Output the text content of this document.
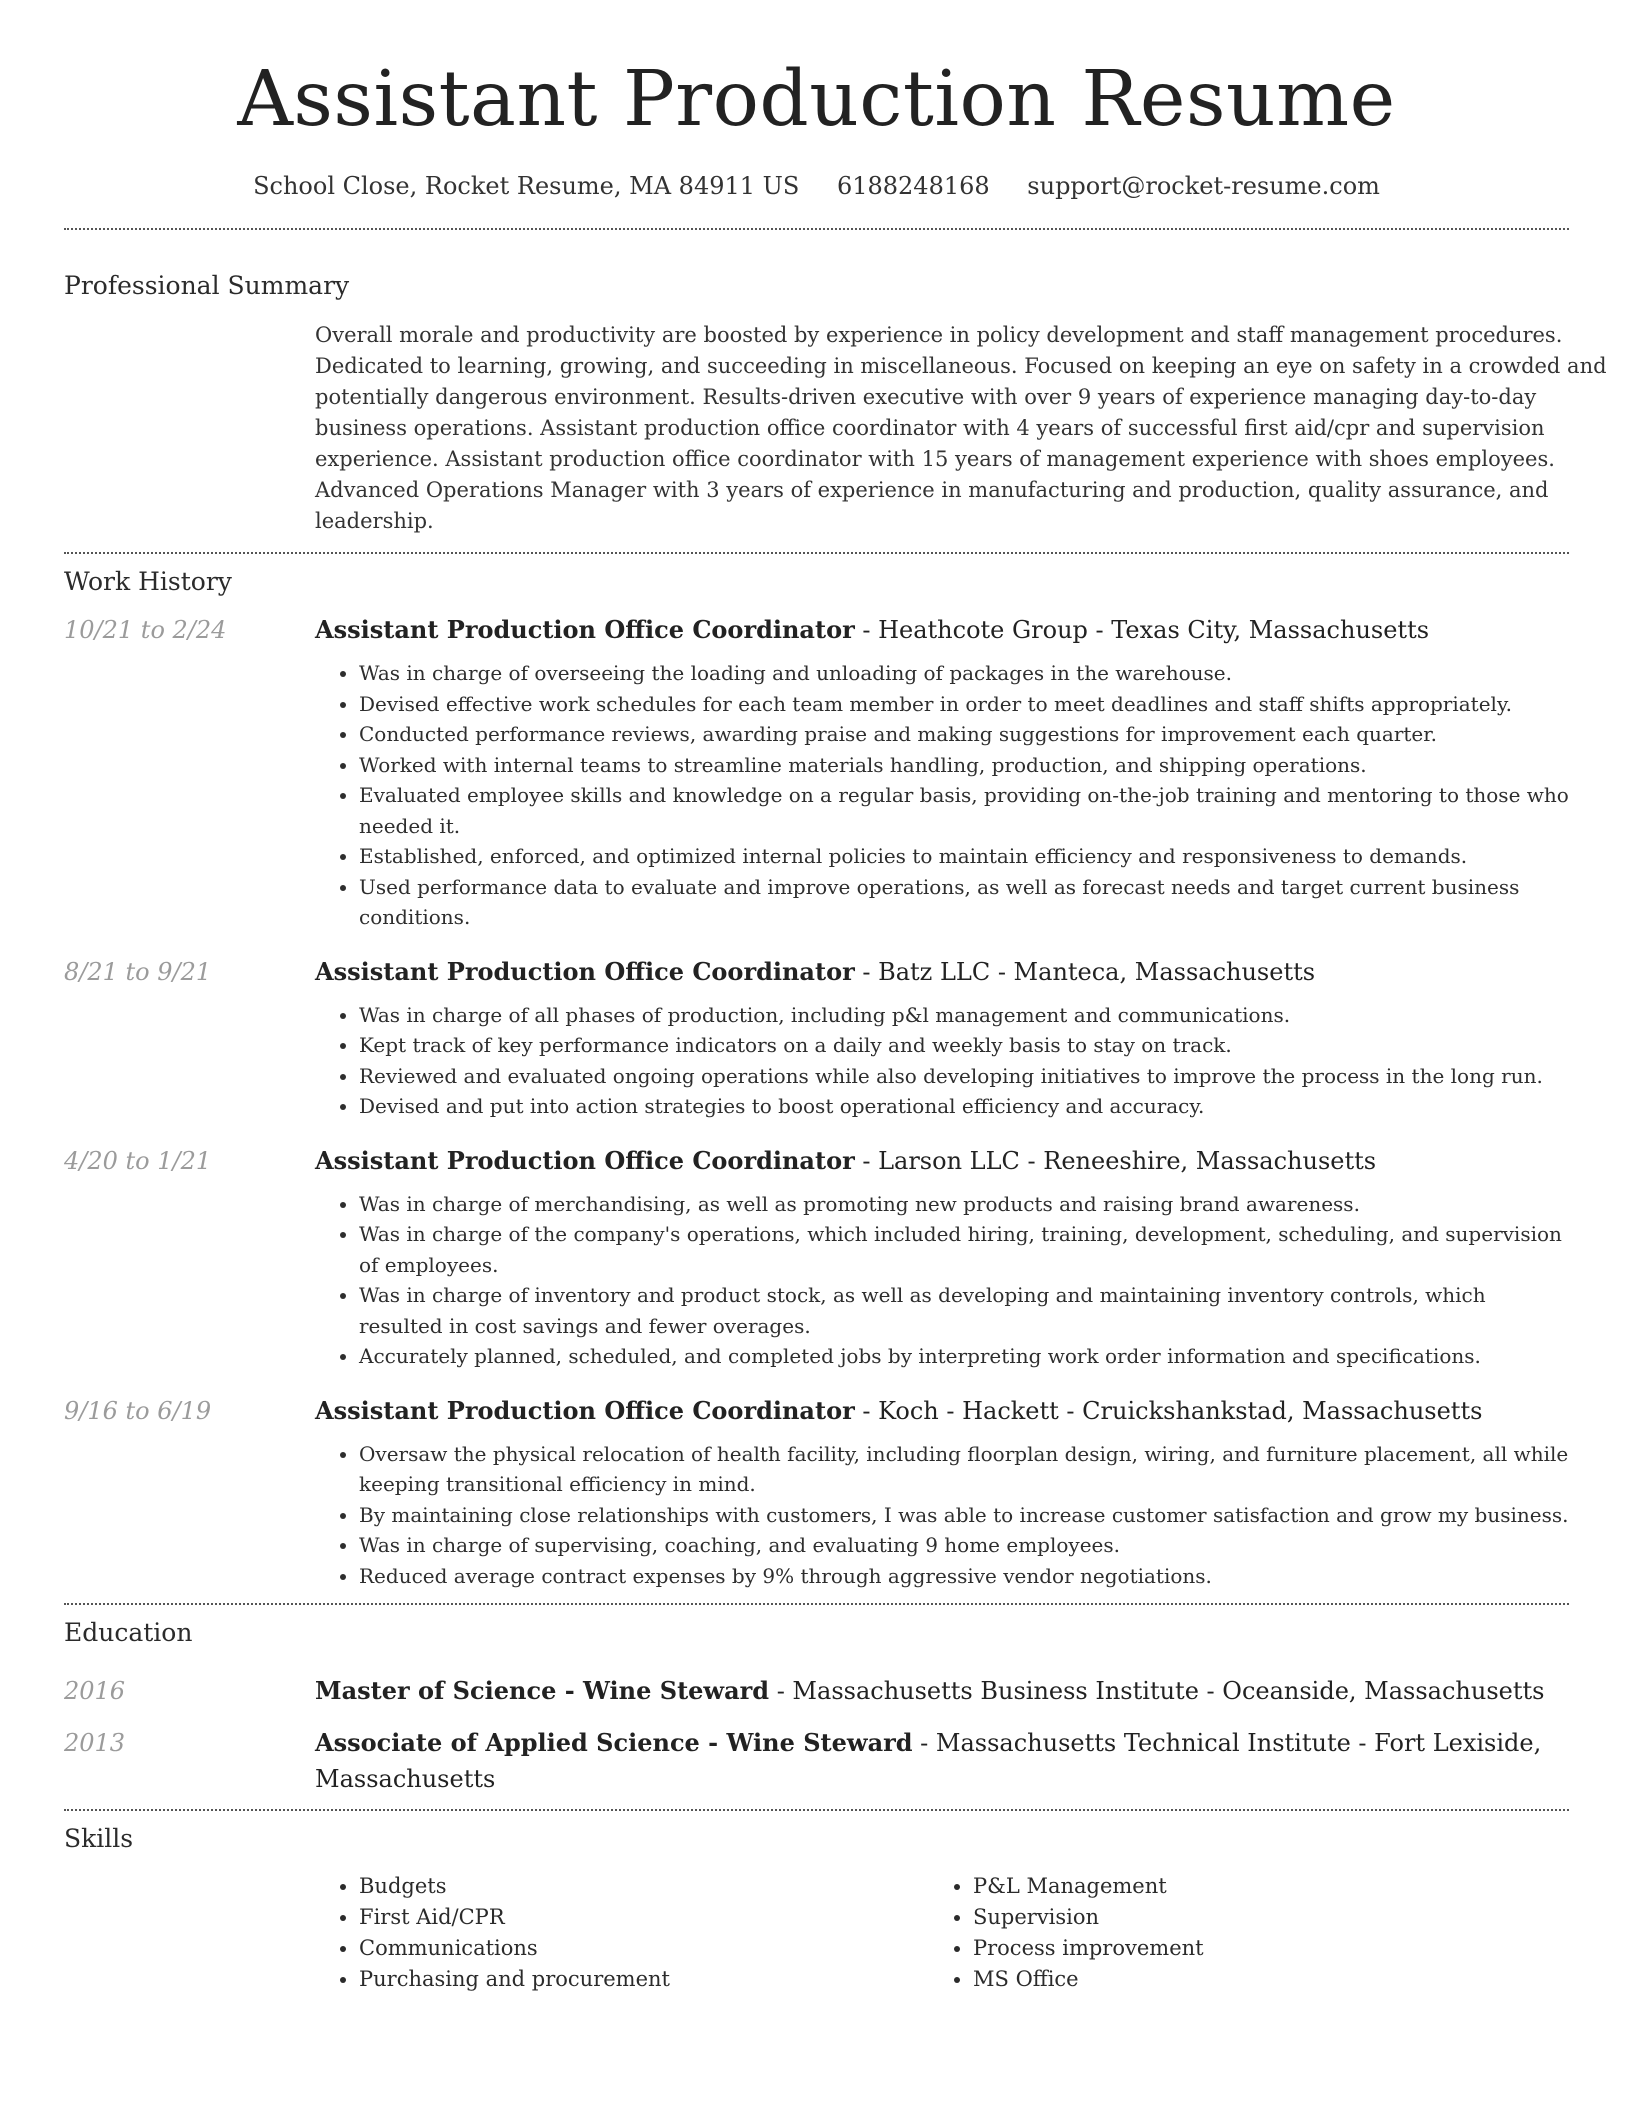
Assistant Production Resume
School Close, Rocket Resume, MA 84911 US 6188248168 support@rocket-resume.com
Professional Summary

Overall morale and productivity are boosted by experience in policy development and staff management procedures. Dedicated to learning, growing, and succeeding in miscellaneous. Focused on keeping an eye on safety in a crowded and potentially dangerous environment. Results-driven executive with over 9 years of experience managing day-to-day business operations. Assistant production office coordinator with 4 years of successful first aid/cpr and supervision experience. Assistant production office coordinator with 15 years of management experience with shoes employees. Advanced Operations Manager with 3 years of experience in manufacturing and production, quality assurance, and leadership.

Work History
10/21 to 2/24	Assistant Production Office Coordinator - Heathcote Group - Texas City, Massachusetts
• Was in charge of overseeing the loading and unloading of packages in the warehouse.
• Devised effective work schedules for each team member in order to meet deadlines and staff shifts appropriately.
• Conducted performance reviews, awarding praise and making suggestions for improvement each quarter.
• Worked with internal teams to streamline materials handling, production, and shipping operations.
• Evaluated employee skills and knowledge on a regular basis, providing on-the-job training and mentoring to those who needed it.
• Established, enforced, and optimized internal policies to maintain efficiency and responsiveness to demands.
• Used performance data to evaluate and improve operations, as well as forecast needs and target current business conditions.
8/21 to 9/21	Assistant Production Office Coordinator - Batz LLC - Manteca, Massachusetts
• Was in charge of all phases of production, including p&l management and communications.
• Kept track of key performance indicators on a daily and weekly basis to stay on track.
• Reviewed and evaluated ongoing operations while also developing initiatives to improve the process in the long run.
• Devised and put into action strategies to boost operational efficiency and accuracy.
4/20 to 1/21	Assistant Production Office Coordinator - Larson LLC - Reneeshire, Massachusetts
• Was in charge of merchandising, as well as promoting new products and raising brand awareness.
• Was in charge of the company's operations, which included hiring, training, development, scheduling, and supervision of employees.
• Was in charge of inventory and product stock, as well as developing and maintaining inventory controls, which resulted in cost savings and fewer overages.
• Accurately planned, scheduled, and completed jobs by interpreting work order information and specifications.
9/16 to 6/19	Assistant Production Office Coordinator - Koch - Hackett - Cruickshankstad, Massachusetts
• Oversaw the physical relocation of health facility, including floorplan design, wiring, and furniture placement, all while keeping transitional efficiency in mind.
• By maintaining close relationships with customers, I was able to increase customer satisfaction and grow my business.
• Was in charge of supervising, coaching, and evaluating 9 home employees.
• Reduced average contract expenses by 9% through aggressive vendor negotiations.
Education
2016	Master of Science - Wine Steward - Massachusetts Business Institute - Oceanside, Massachusetts
2013	Associate of Applied Science - Wine Steward - Massachusetts Technical Institute - Fort Lexiside, Massachusetts
Skills
• Budgets
• First Aid/CPR
• Communications
• Purchasing and procurement
• P&L Management
• Supervision
• Process improvement
• MS Office
